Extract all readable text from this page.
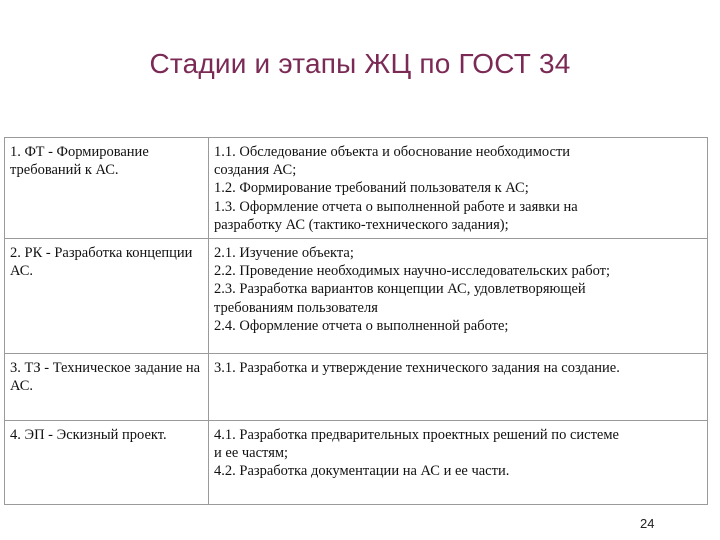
Стадии и этапы ЖЦ по ГОСТ 34
1. ФТ - Формирование требований к АС.	1.1. Обследование объекта и обоснование необходимости
создания АС;
1.2. Формирование требований пользователя к АС;
1.3. Оформление отчета о выполненной работе и заявки на
разработку АС (тактико-технического задания);

2. РК - Разработка концепции АС.	2.1. Изучение объекта;
2.2. Проведение необходимых научно-исследовательских работ;
2.3. Разработка вариантов концепции АС, удовлетворяющей
требованиям пользователя
2.4. Оформление отчета о выполненной работе;

3. ТЗ - Техническое задание на АС.	3.1. Разработка и утверждение технического задания на создание.

4. ЭП - Эскизный проект.	4.1. Разработка предварительных проектных решений по системе
и ее частям;
4.2. Разработка документации на АС и ее части.
24
